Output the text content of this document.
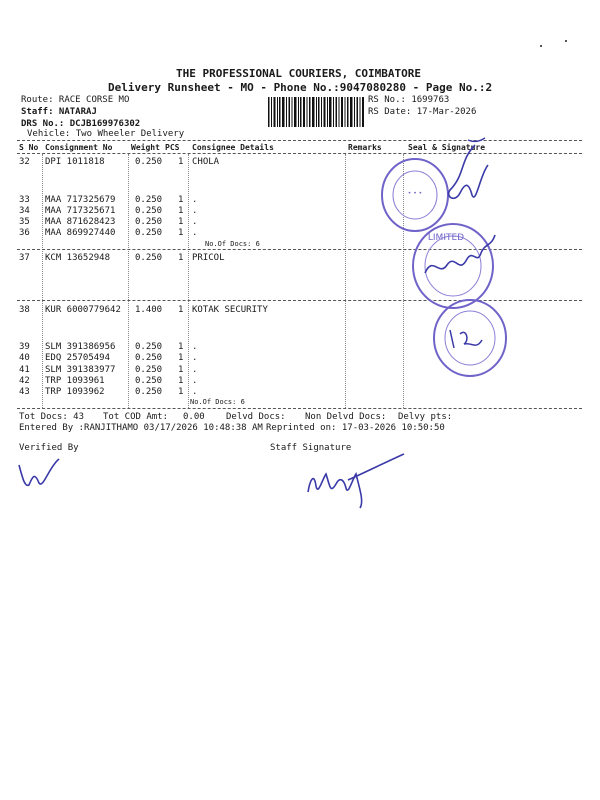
THE PROFESSIONAL COURIERS, COIMBATORE
Delivery Runsheet - MO - Phone No.:9047080280 - Page No.:2
Route: RACE CORSE MO
Staff: NATARAJ
DRS No.: DCJB169976302
Vehicle: Two Wheeler Delivery
RS No.: 1699763
RS Date: 17-Mar-2026
S No Consignment No Weight PCS Consignee Details	Remarks	Seal & Signature
32 DPI 1011818	0.250 1 CHOLA
33 MAA 717325679 0.250 1 .
34 MAA 717325671 0.250 1 .
35 MAA 871628423 0.250 1 .
36 MAA 869927440 0.250 1 .
No.Of Docs: 6
37 KCM 13652948	0.250 1 PRICOL
38 KUR 6000779642 1.400 1 KOTAK SECURITY
39 SLM 391386956 0.250 1 .
40 EDQ 25705494	0.250 1 .
41 SLM 391383977 0.250 1 .
42 TRP 1093961	0.250 1 .
43 TRP 1093962	0.250 1 .
No.Of Docs: 6
Tot Docs: 43 Tot COD Amt: 0.00 Delvd Docs: Non Delvd Docs: Delvy pts:
Entered By :RANJITHAMO 03/17/2026 10:48:38 AM Reprinted on: 17-03-2026 10:50:50
Verified By	Staff Signature
• • •
LIMITED
